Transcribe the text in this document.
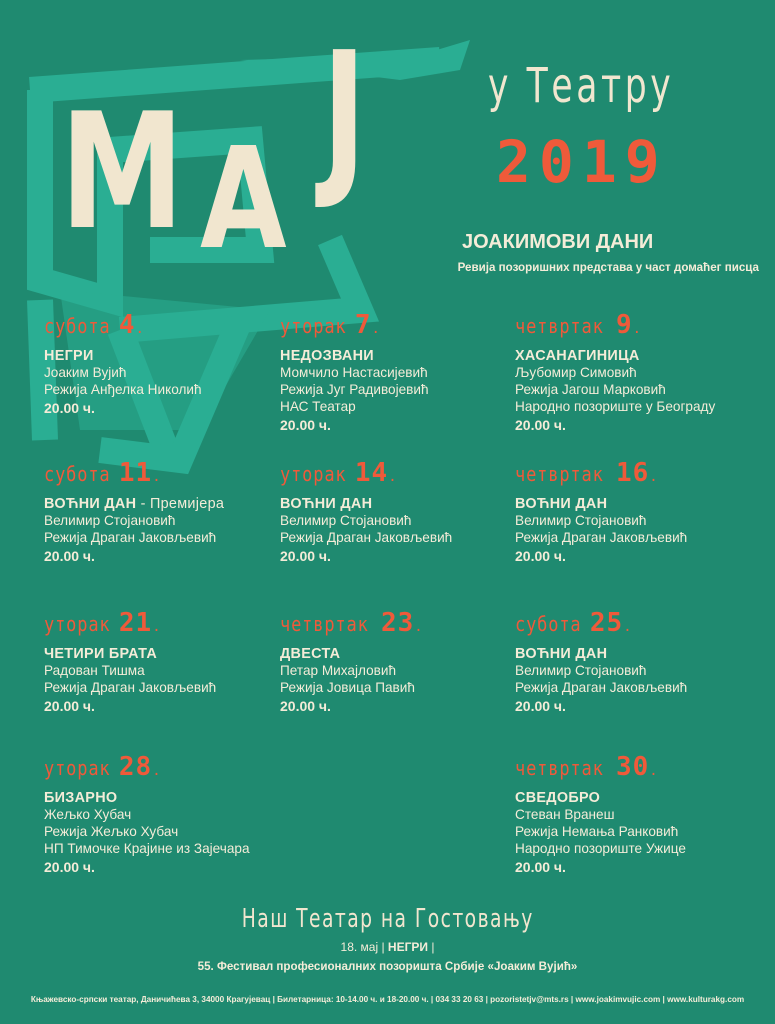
М А Ј	у Театру
2019
ЈОАКИМОВИ ДАНИ
Ревија позоришних представа у част домаћег писца
субота 4.
НЕГРИ
Јоаким Вујић
Режија Анђелка Николић
20.00 ч.
уторак 7.
НЕДОЗВАНИ
Момчило Настасијевић
Режија Југ Радивојевић
НАС Театар
20.00 ч.
четвртак 9.
ХАСАНАГИНИЦА
Љубомир Симовић
Режија Јагош Марковић
Народно позориште у Београду
20.00 ч.
субота 11.
ВОЋНИ ДАН - Премијера
Велимир Стојановић
Режија Драган Јаковљевић
20.00 ч.
уторак 14.
ВОЋНИ ДАН
Велимир Стојановић
Режија Драган Јаковљевић
20.00 ч.
четвртак 16.
ВОЋНИ ДАН
Велимир Стојановић
Режија Драган Јаковљевић
20.00 ч.
уторак 21.
ЧЕТИРИ БРАТА
Радован Тишма
Режија Драган Јаковљевић
20.00 ч.
четвртак 23.
ДВЕСТА
Петар Михајловић
Режија Јовица Павић
20.00 ч.
субота 25.
ВОЋНИ ДАН
Велимир Стојановић
Режија Драган Јаковљевић
20.00 ч.
уторак 28.
БИЗАРНО
Жељко Хубач
Режија Жељко Хубач
НП Тимочке Крајине из Зајечара
20.00 ч.
четвртак 30.
СВЕДОБРО
Стеван Вранеш
Режија Немања Ранковић
Народно позориште Ужице
20.00 ч.
Наш Театар на Гостовању
18. мај | НЕГРИ |
55. Фестивал професионалних позоришта Србије «Јоаким Вујић»
Књажевско-српски театар, Даничићева 3, 34000 Крагујевац | Билетарница: 10-14.00 ч. и 18-20.00 ч. | 034 33 20 63 | pozoristetjv@mts.rs | www.joakimvujic.com | www.kulturakg.com
